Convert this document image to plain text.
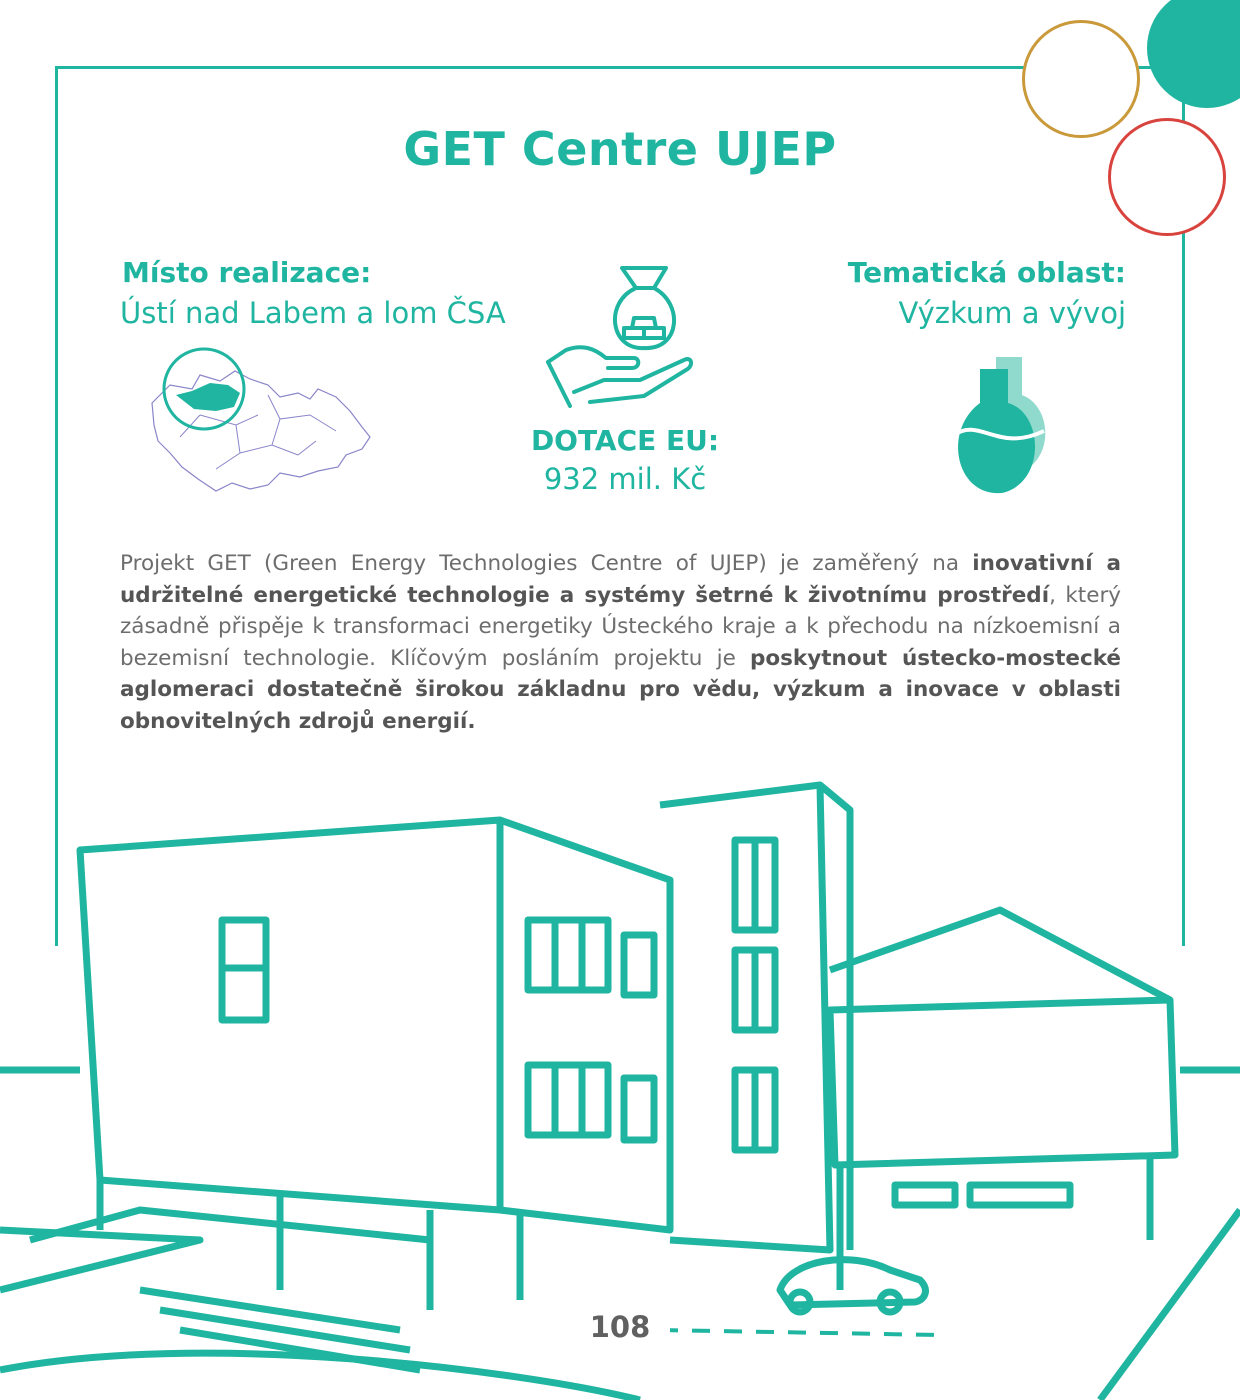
GET Centre UJEP

Místo realizace:

Ústí nad Labem a lom ČSA

Tematická oblast:

Výzkum a vývoj

DOTACE EU:

932 mil. Kč

Projekt GET (Green Energy Technologies Centre of UJEP) je zaměřený na inovativní a udržitelné energetické technologie a systémy šetrné k životnímu prostředí, který zásadně přispěje k transformaci energetiky Ústeckého kraje a k přechodu na nízkoemisní a bezemisní technologie. Klíčovým posláním projektu je poskytnout ústecko-mostecké aglomeraci dostatečně širokou základnu pro vědu, výzkum a inovace v oblasti obnovitelných zdrojů energií.

108
